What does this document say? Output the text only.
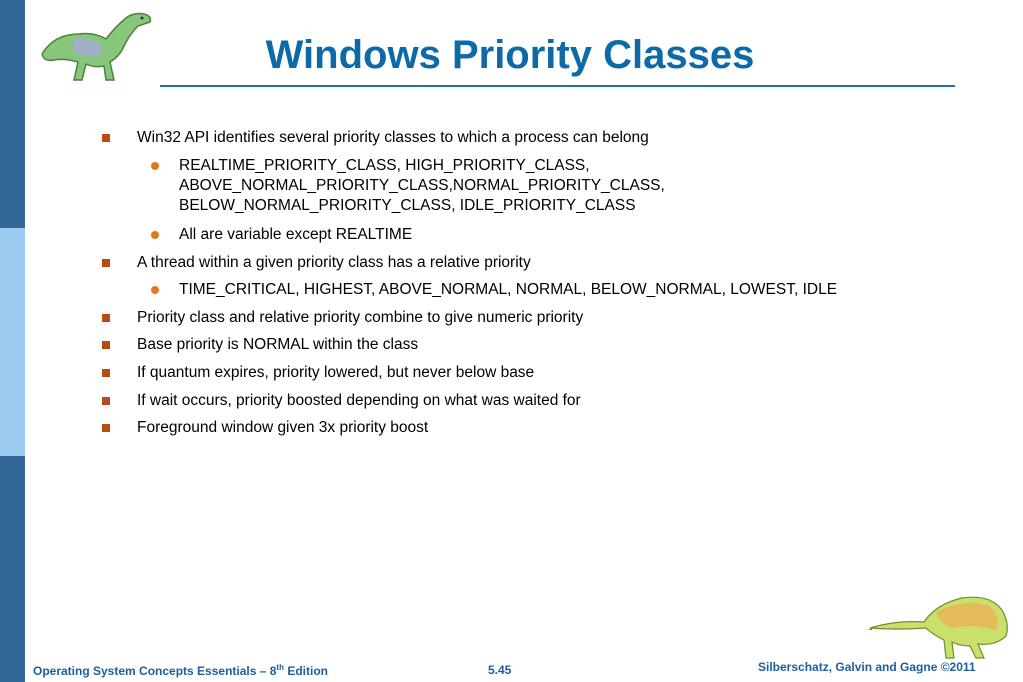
Windows Priority Classes
Win32 API identifies several priority classes to which a process can belong
REALTIME_PRIORITY_CLASS, HIGH_PRIORITY_CLASS,
ABOVE_NORMAL_PRIORITY_CLASS,NORMAL_PRIORITY_CLASS,
BELOW_NORMAL_PRIORITY_CLASS, IDLE_PRIORITY_CLASS
All are variable except REALTIME
A thread within a given priority class has a relative priority
TIME_CRITICAL, HIGHEST, ABOVE_NORMAL, NORMAL, BELOW_NORMAL, LOWEST, IDLE
Priority class and relative priority combine to give numeric priority
Base priority is NORMAL within the class
If quantum expires, priority lowered, but never below base
If wait occurs, priority boosted depending on what was waited for
Foreground window given 3x priority boost
Operating System Concepts Essentials – 8th Edition	5.45	Silberschatz, Galvin and Gagne ©2011
